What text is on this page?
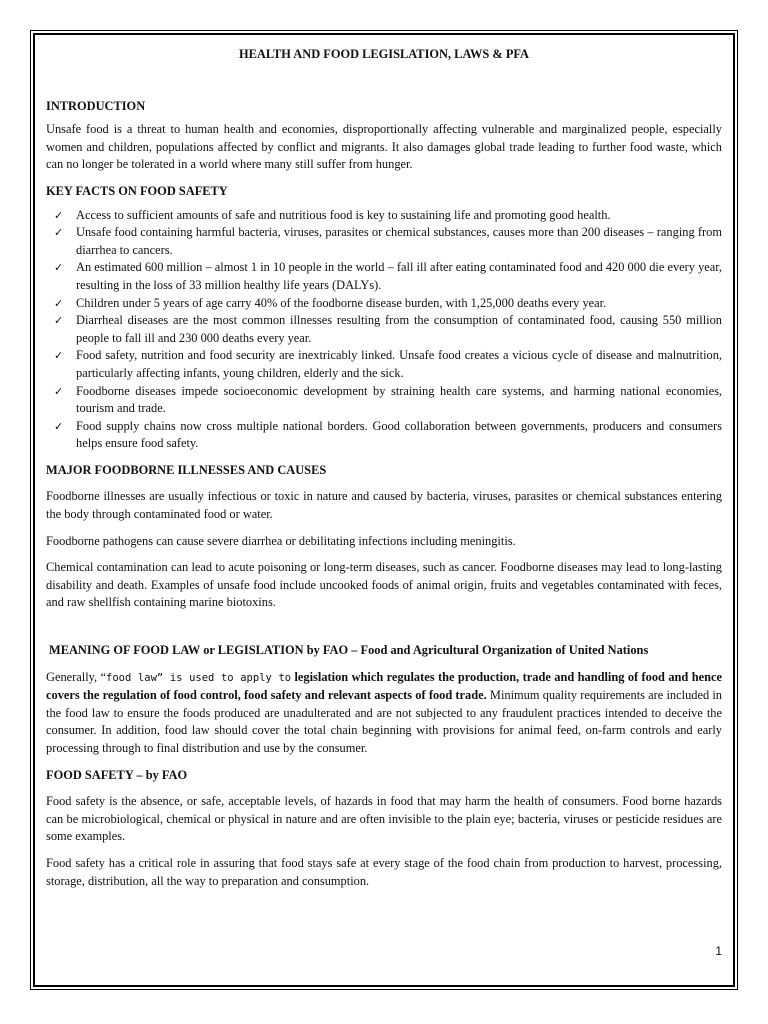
HEALTH AND FOOD LEGISLATION, LAWS & PFA
INTRODUCTION

Unsafe food is a threat to human health and economies, disproportionally affecting vulnerable and marginalized people, especially women and children, populations affected by conflict and migrants. It also damages global trade leading to further food waste, which can no longer be tolerated in a world where many still suffer from hunger.

KEY FACTS ON FOOD SAFETY
✓ Access to sufficient amounts of safe and nutritious food is key to sustaining life and promoting good health.
✓ Unsafe food containing harmful bacteria, viruses, parasites or chemical substances, causes more than 200 diseases – ranging from diarrhea to cancers.
✓ An estimated 600 million – almost 1 in 10 people in the world – fall ill after eating contaminated food and 420 000 die every year, resulting in the loss of 33 million healthy life years (DALYs).
✓ Children under 5 years of age carry 40% of the foodborne disease burden, with 1,25,000 deaths every year.
✓ Diarrheal diseases are the most common illnesses resulting from the consumption of contaminated food, causing 550 million people to fall ill and 230 000 deaths every year.
✓ Food safety, nutrition and food security are inextricably linked. Unsafe food creates a vicious cycle of disease and malnutrition, particularly affecting infants, young children, elderly and the sick.
✓ Foodborne diseases impede socioeconomic development by straining health care systems, and harming national economies, tourism and trade.
✓ Food supply chains now cross multiple national borders. Good collaboration between governments, producers and consumers helps ensure food safety.
MAJOR FOODBORNE ILLNESSES AND CAUSES

Foodborne illnesses are usually infectious or toxic in nature and caused by bacteria, viruses, parasites or chemical substances entering the body through contaminated food or water.

Foodborne pathogens can cause severe diarrhea or debilitating infections including meningitis.

Chemical contamination can lead to acute poisoning or long-term diseases, such as cancer. Foodborne diseases may lead to long-lasting disability and death. Examples of unsafe food include uncooked foods of animal origin, fruits and vegetables contaminated with feces, and raw shellfish containing marine biotoxins.

MEANING OF FOOD LAW or LEGISLATION by FAO – Food and Agricultural Organization of United Nations

Generally, “food law” is used to apply to legislation which regulates the production, trade and handling of food and hence covers the regulation of food control, food safety and relevant aspects of food trade. Minimum quality requirements are included in the food law to ensure the foods produced are unadulterated and are not subjected to any fraudulent practices intended to deceive the consumer. In addition, food law should cover the total chain beginning with provisions for animal feed, on-farm controls and early processing through to final distribution and use by the consumer.

FOOD SAFETY – by FAO

Food safety is the absence, or safe, acceptable levels, of hazards in food that may harm the health of consumers. Food borne hazards can be microbiological, chemical or physical in nature and are often invisible to the plain eye; bacteria, viruses or pesticide residues are some examples.

Food safety has a critical role in assuring that food stays safe at every stage of the food chain from production to harvest, processing, storage, distribution, all the way to preparation and consumption.

1
